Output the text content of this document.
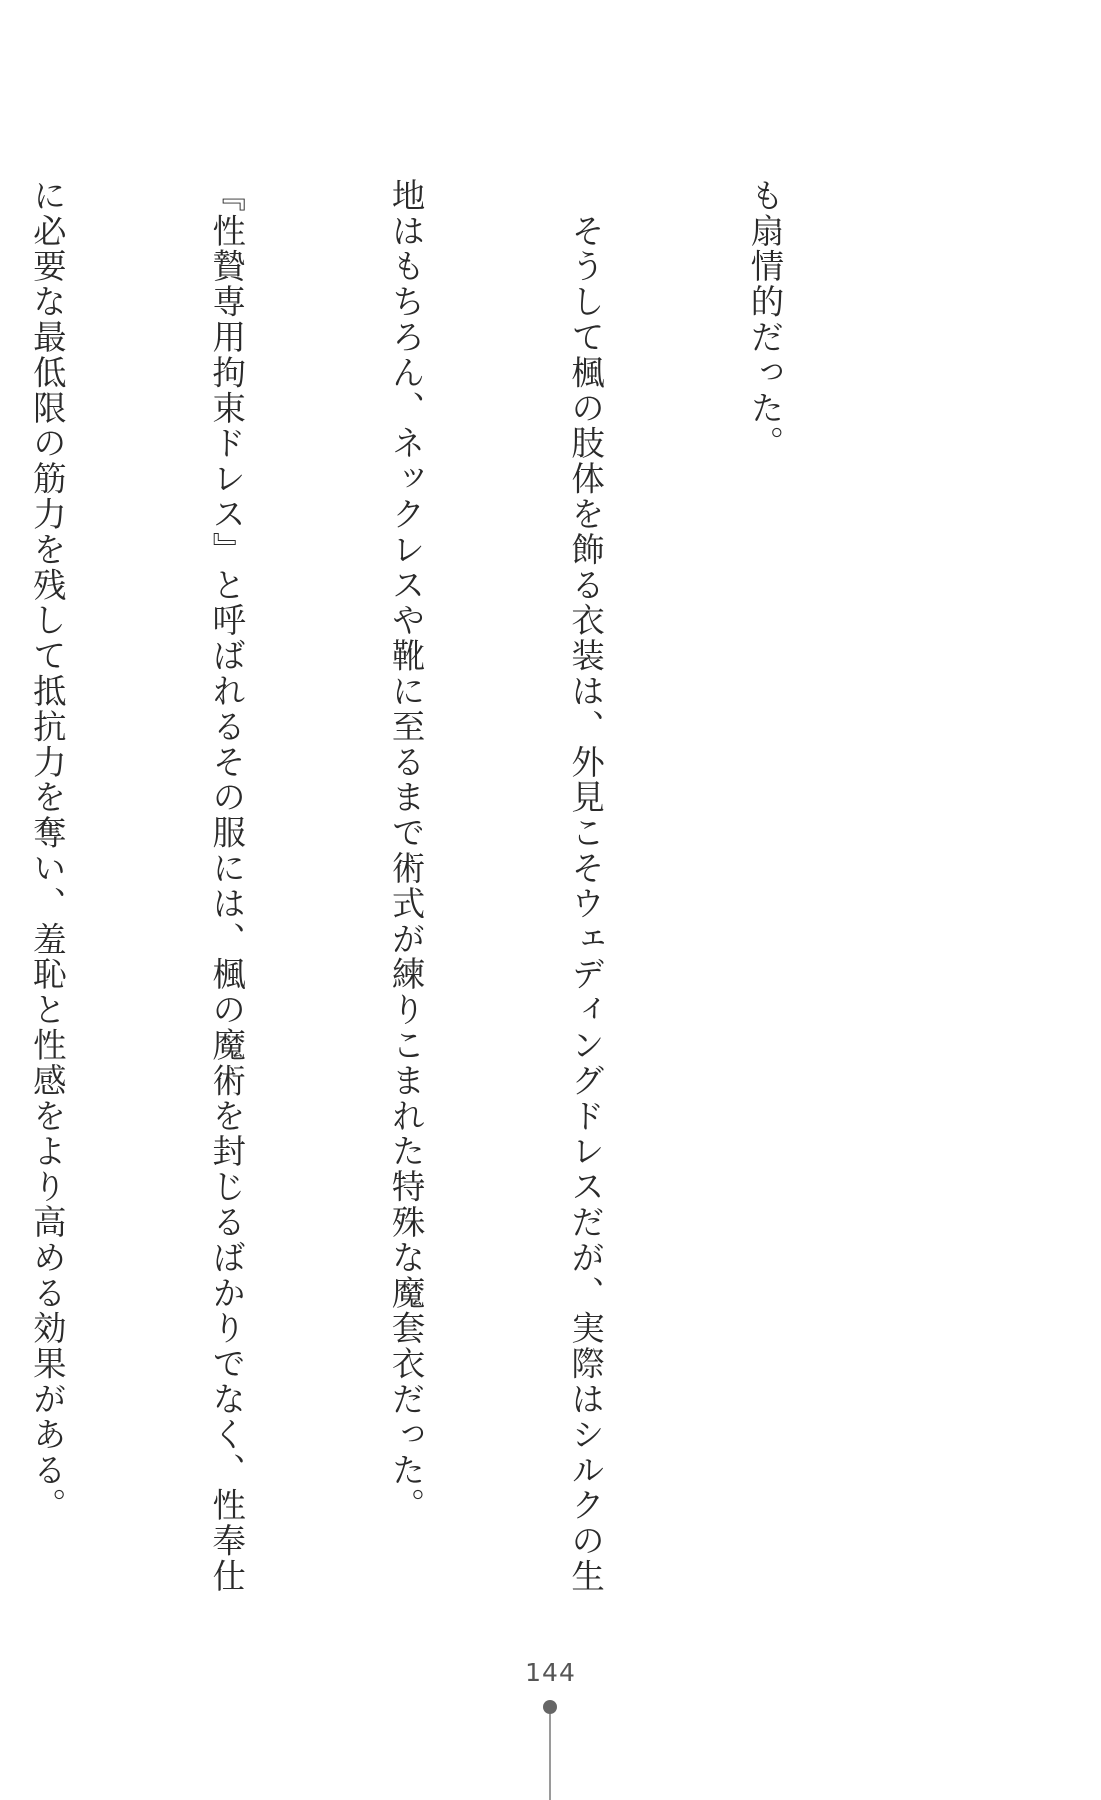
も扇情的だった。

　そうして楓の肢体を飾る衣装は、外見こそウェディングドレスだが、実際はシルクの生

地はもちろん、ネックレスや靴に至るまで術式が練りこまれた特殊な魔套衣だった。

『性贄専用拘束ドレス』と呼ばれるその服には、楓の魔術を封じるばかりでなく、性奉仕

に必要な最低限の筋力を残して抵抗力を奪い、羞恥と性感をより高める効果がある。

144
